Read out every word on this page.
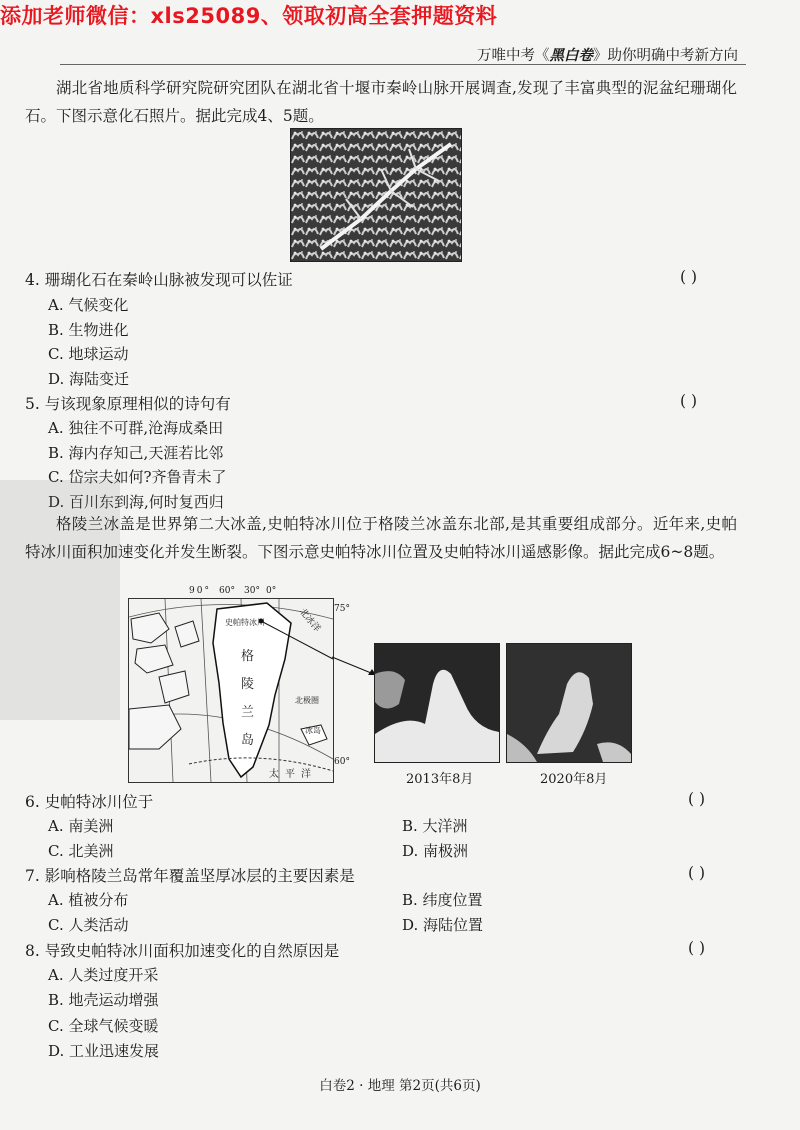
添加老师微信：xls25089、领取初高全套押题资料
万唯中考《黑白卷》助你明确中考新方向
湖北省地质科学研究院研究团队在湖北省十堰市秦岭山脉开展调查,发现了丰富典型的泥盆纪珊瑚化石。下图示意化石照片。据此完成4、5题。
4. 珊瑚化石在秦岭山脉被发现可以佐证	( )
A. 气候变化
B. 生物进化
C. 地球运动
D. 海陆变迁
5. 与该现象原理相似的诗句有	( )
A. 独往不可群,沧海成桑田
B. 海内存知己,天涯若比邻
C. 岱宗夫如何?齐鲁青未了
D. 百川东到海,何时复西归
格陵兰冰盖是世界第二大冰盖,史帕特冰川位于格陵兰冰盖东北部,是其重要组成部分。近年来,史帕特冰川面积加速变化并发生断裂。下图示意史帕特冰川位置及史帕特冰川遥感影像。据此完成6~8题。
90° 60° 30° 0°
75°
60°
史帕特冰川
格
陵
兰
岛
北冰洋
北极圈
冰岛
太平洋	2013年8月	2020年8月
6. 史帕特冰川位于	( )
A. 南美洲	B. 大洋洲
C. 北美洲	D. 南极洲
7. 影响格陵兰岛常年覆盖坚厚冰层的主要因素是	( )
A. 植被分布	B. 纬度位置
C. 人类活动	D. 海陆位置
8. 导致史帕特冰川面积加速变化的自然原因是	( )
A. 人类过度开采
B. 地壳运动增强
C. 全球气候变暖
D. 工业迅速发展
白卷2 · 地理 第2页(共6页)
